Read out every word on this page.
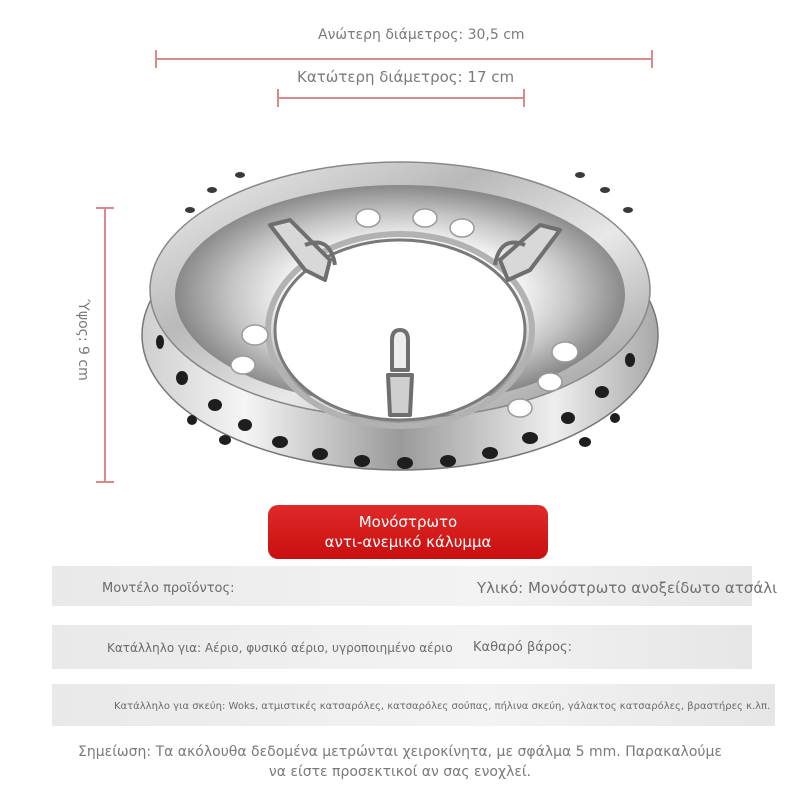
Ανώτερη διάμετρος: 30,5 cm
Κατώτερη διάμετρος: 17 cm
Ύψος: 9 cm
Μονόστρωτο
αντι-ανεμικό κάλυμμα
Μοντέλο προϊόντος:	Υλικό: Μονόστρωτο ανοξείδωτο ατσάλι
Κατάλληλο για: Αέριο, φυσικό αέριο, υγροποιημένο αέριο Καθαρό βάρος:
Κατάλληλο για σκεύη: Woks, ατμιστικές κατσαρόλες, κατσαρόλες σούπας, πήλινα σκεύη, γάλακτος κατσαρόλες, βραστήρες κ.λπ.
Σημείωση: Τα ακόλουθα δεδομένα μετρώνται χειροκίνητα, με σφάλμα 5 mm. Παρακαλούμε
να είστε προσεκτικοί αν σας ενοχλεί.
